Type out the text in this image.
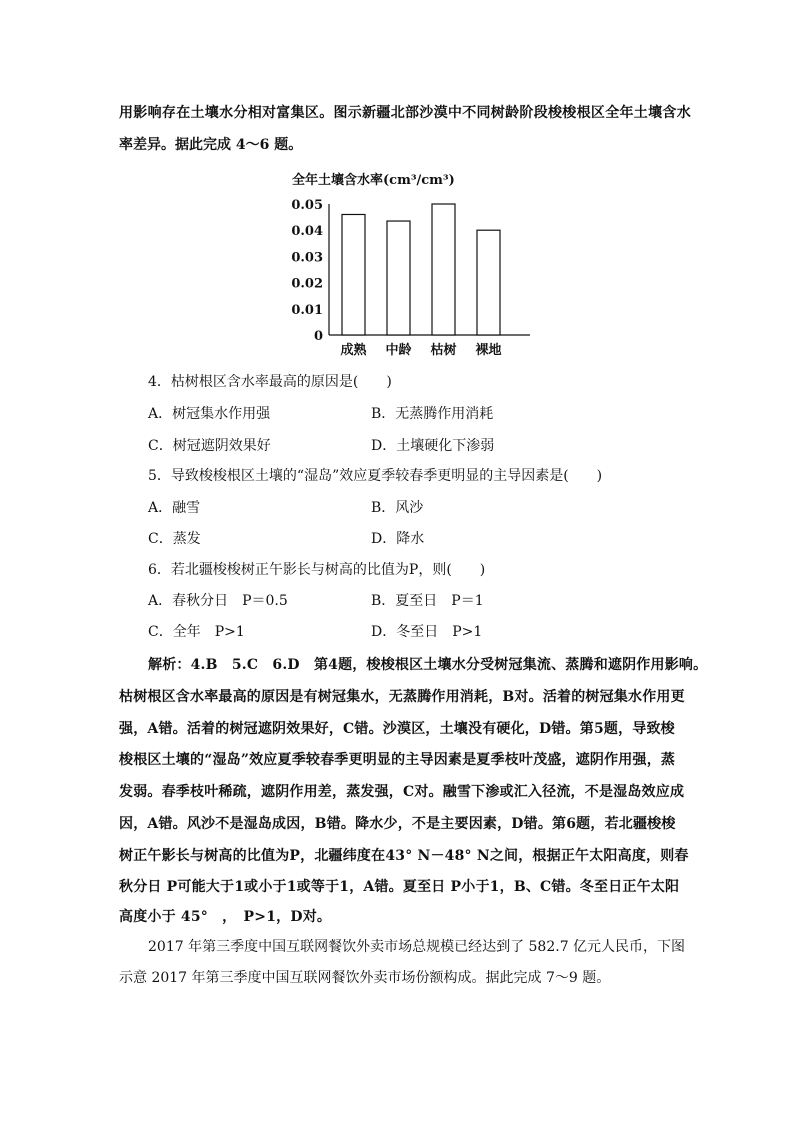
用影响存在土壤水分相对富集区。图示新疆北部沙漠中不同树龄阶段梭梭根区全年土壤含水
率差异。据此完成 4～6 题。
全年土壤含水率(cm³/cm³)
0.05
0.04
0.03
0.02
0.01
0
成熟 中龄 枯树 裸地
4．枯树根区含水率最高的原因是(　　)
A．树冠集水作用强	B．无蒸腾作用消耗
C．树冠遮阴效果好	D．土壤硬化下渗弱
5．导致梭梭根区土壤的“湿岛”效应夏季较春季更明显的主导因素是(　　)
A．融雪	B．风沙
C．蒸发	D．降水
6．若北疆梭梭树正午影长与树高的比值为P，则(　　)
A．春秋分日　P＝0.5	B．夏至日　P＝1
C．全年　P>1	D．冬至日　P>1
解析：4.B　5.C　6.D　第4题，梭梭根区土壤水分受树冠集流、蒸腾和遮阴作用影响。
枯树根区含水率最高的原因是有树冠集水，无蒸腾作用消耗，B对。活着的树冠集水作用更
强，A错。活着的树冠遮阴效果好，C错。沙漠区，土壤没有硬化，D错。第5题，导致梭
梭根区土壤的“湿岛”效应夏季较春季更明显的主导因素是夏季枝叶茂盛，遮阴作用强，蒸
发弱。春季枝叶稀疏，遮阴作用差，蒸发强，C对。融雪下渗或汇入径流，不是湿岛效应成
因，A错。风沙不是湿岛成因，B错。降水少，不是主要因素，D错。第6题，若北疆梭梭
树正午影长与树高的比值为P，北疆纬度在43° N－48° N之间，根据正午太阳高度，则春
秋分日 P可能大于1或小于1或等于1，A错。夏至日 P小于1，B、C错。冬至日正午太阳
高度小于 45°　，　P>1，D对。
2017 年第三季度中国互联网餐饮外卖市场总规模已经达到了 582.7 亿元人民币，下图
示意 2017 年第三季度中国互联网餐饮外卖市场份额构成。据此完成 7～9 题。
